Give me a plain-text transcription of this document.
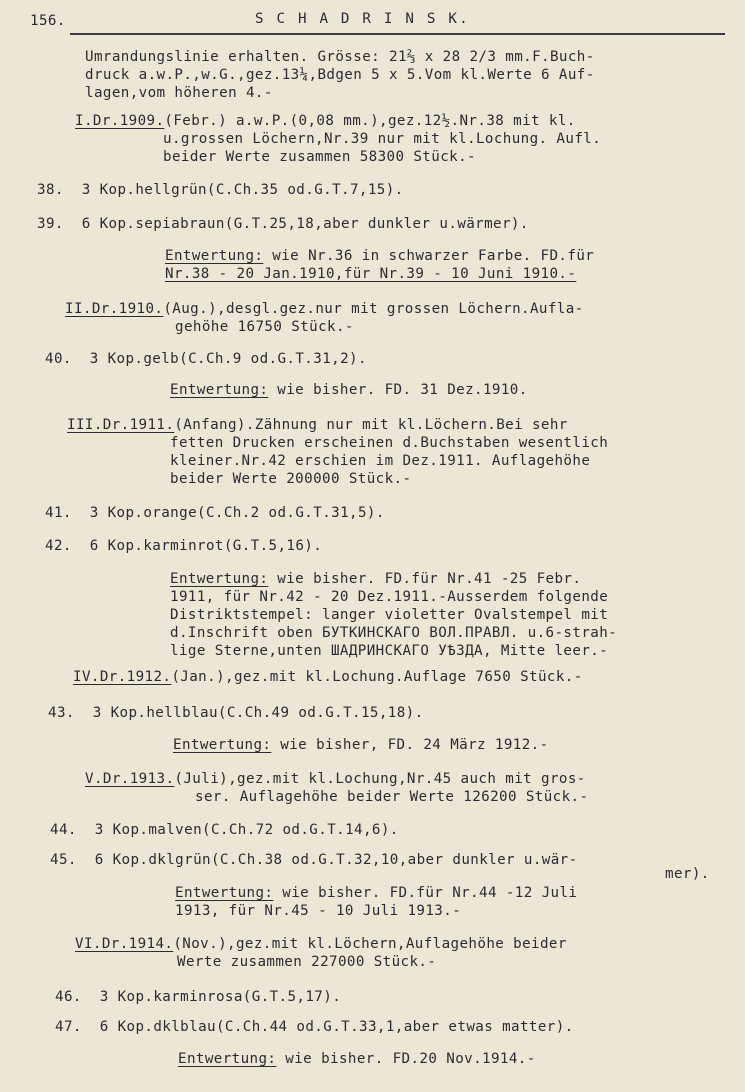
156.	S C H A D R I N S K.
Umrandungslinie erhalten. Grösse: 21⅔ x 28 2/3 mm.F.Buch-
druck a.w.P.,w.G.,gez.13¼,Bdgen 5 x 5.Vom kl.Werte 6 Auf-
lagen,vom höheren 4.-
I.Dr.1909.(Febr.) a.w.P.(0,08 mm.),gez.12½.Nr.38 mit kl.
u.grossen Löchern,Nr.39 nur mit kl.Lochung. Aufl.
beider Werte zusammen 58300 Stück.-
38.  3 Kop.hellgrün(C.Ch.35 od.G.T.7,15).
39.  6 Kop.sepiabraun(G.T.25,18,aber dunkler u.wärmer).
Entwertung: wie Nr.36 in schwarzer Farbe. FD.für
Nr.38 - 20 Jan.1910,für Nr.39 - 10 Juni 1910.-
II.Dr.1910.(Aug.),desgl.gez.nur mit grossen Löchern.Aufla-
gehöhe 16750 Stück.-
40.  3 Kop.gelb(C.Ch.9 od.G.T.31,2).
Entwertung: wie bisher. FD. 31 Dez.1910.
III.Dr.1911.(Anfang).Zähnung nur mit kl.Löchern.Bei sehr
fetten Drucken erscheinen d.Buchstaben wesentlich
kleiner.Nr.42 erschien im Dez.1911. Auflagehöhe
beider Werte 200000 Stück.-
41.  3 Kop.orange(C.Ch.2 od.G.T.31,5).
42.  6 Kop.karminrot(G.T.5,16).
Entwertung: wie bisher. FD.für Nr.41 -25 Febr.
1911, für Nr.42 - 20 Dez.1911.-Ausserdem folgende
Distriktstempel: langer violetter Ovalstempel mit
d.Inschrift oben БУТКИНСКАГО ВОЛ.ПРАВЛ. u.6-strah-
lige Sterne,unten ШАДРИНСКАГО УѢЗДА, Mitte leer.-
IV.Dr.1912.(Jan.),gez.mit kl.Lochung.Auflage 7650 Stück.-
43.  3 Kop.hellblau(C.Ch.49 od.G.T.15,18).
Entwertung: wie bisher, FD. 24 März 1912.-
V.Dr.1913.(Juli),gez.mit kl.Lochung,Nr.45 auch mit gros-
ser. Auflagehöhe beider Werte 126200 Stück.-
44.  3 Kop.malven(C.Ch.72 od.G.T.14,6).
45.  6 Kop.dklgrün(C.Ch.38 od.G.T.32,10,aber dunkler u.wär-
mer).
Entwertung: wie bisher. FD.für Nr.44 -12 Juli
1913, für Nr.45 - 10 Juli 1913.-
VI.Dr.1914.(Nov.),gez.mit kl.Löchern,Auflagehöhe beider
Werte zusammen 227000 Stück.-
46.  3 Kop.karminrosa(G.T.5,17).
47.  6 Kop.dklblau(C.Ch.44 od.G.T.33,1,aber etwas matter).
Entwertung: wie bisher. FD.20 Nov.1914.-
